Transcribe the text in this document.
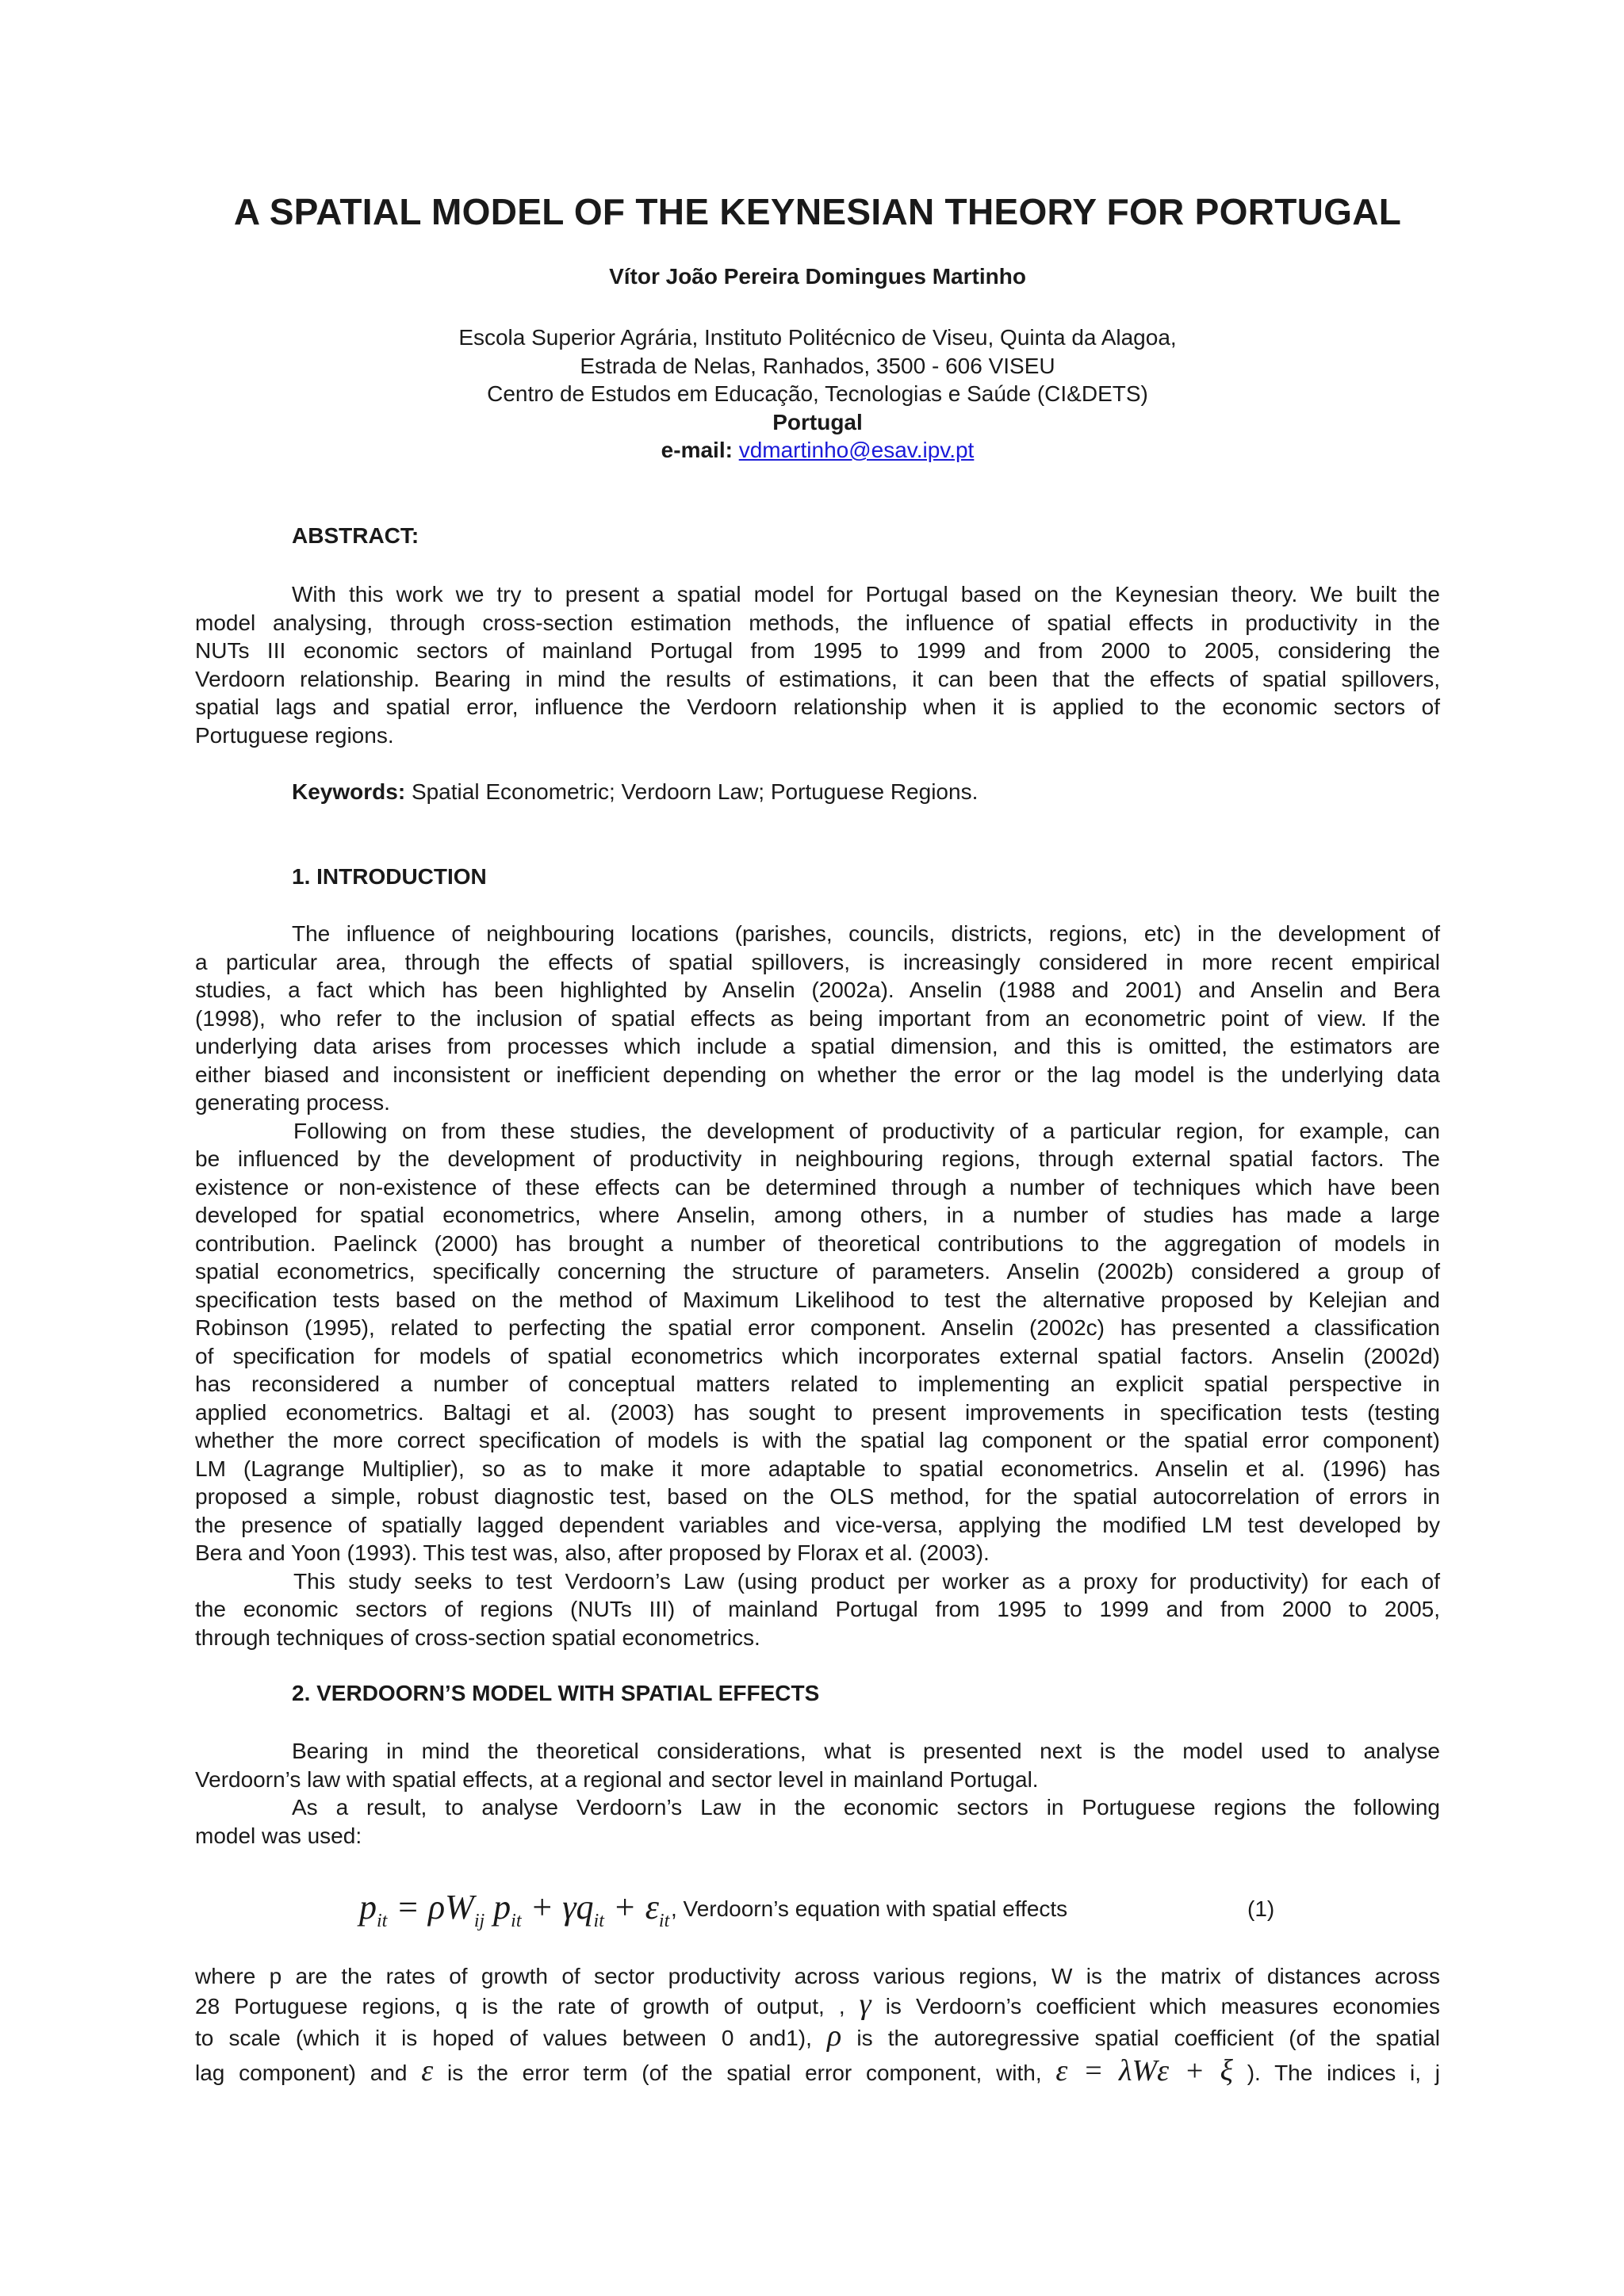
A SPATIAL MODEL OF THE KEYNESIAN THEORY FOR PORTUGAL
Vítor João Pereira Domingues Martinho
Escola Superior Agrária, Instituto Politécnico de Viseu, Quinta da Alagoa,
Estrada de Nelas, Ranhados, 3500 - 606 VISEU
Centro de Estudos em Educação, Tecnologias e Saúde (CI&DETS)
Portugal
e-mail: vdmartinho@esav.ipv.pt
ABSTRACT:
With this work we try to present a spatial model for Portugal based on the Keynesian theory. We built the
model analysing, through cross-section estimation methods, the influence of spatial effects in productivity in the
NUTs III economic sectors of mainland Portugal from 1995 to 1999 and from 2000 to 2005, considering the
Verdoorn relationship. Bearing in mind the results of estimations, it can been that the effects of spatial spillovers,
spatial lags and spatial error, influence the Verdoorn relationship when it is applied to the economic sectors of
Portuguese regions.
Keywords: Spatial Econometric; Verdoorn Law; Portuguese Regions.
1. INTRODUCTION
The influence of neighbouring locations (parishes, councils, districts, regions, etc) in the development of
a particular area, through the effects of spatial spillovers, is increasingly considered in more recent empirical
studies, a fact which has been highlighted by Anselin (2002a). Anselin (1988 and 2001) and Anselin and Bera
(1998), who refer to the inclusion of spatial effects as being important from an econometric point of view. If the
underlying data arises from processes which include a spatial dimension, and this is omitted, the estimators are
either biased and inconsistent or inefficient depending on whether the error or the lag model is the underlying data
generating process.
Following on from these studies, the development of productivity of a particular region, for example, can
be influenced by the development of productivity in neighbouring regions, through external spatial factors. The
existence or non-existence of these effects can be determined through a number of techniques which have been
developed for spatial econometrics, where Anselin, among others, in a number of studies has made a large
contribution. Paelinck (2000) has brought a number of theoretical contributions to the aggregation of models in
spatial econometrics, specifically concerning the structure of parameters. Anselin (2002b) considered a group of
specification tests based on the method of Maximum Likelihood to test the alternative proposed by Kelejian and
Robinson (1995), related to perfecting the spatial error component. Anselin (2002c) has presented a classification
of specification for models of spatial econometrics which incorporates external spatial factors. Anselin (2002d)
has reconsidered a number of conceptual matters related to implementing an explicit spatial perspective in
applied econometrics. Baltagi et al. (2003) has sought to present improvements in specification tests (testing
whether the more correct specification of models is with the spatial lag component or the spatial error component)
LM (Lagrange Multiplier), so as to make it more adaptable to spatial econometrics. Anselin et al. (1996) has
proposed a simple, robust diagnostic test, based on the OLS method, for the spatial autocorrelation of errors in
the presence of spatially lagged dependent variables and vice-versa, applying the modified LM test developed by
Bera and Yoon (1993). This test was, also, after proposed by Florax et al. (2003).
This study seeks to test Verdoorn’s Law (using product per worker as a proxy for productivity) for each of
the economic sectors of regions (NUTs III) of mainland Portugal from 1995 to 1999 and from 2000 to 2005,
through techniques of cross-section spatial econometrics.
2. VERDOORN’S MODEL WITH SPATIAL EFFECTS
Bearing in mind the theoretical considerations, what is presented next is the model used to analyse
Verdoorn’s law with spatial effects, at a regional and sector level in mainland Portugal.
As a result, to analyse Verdoorn’s Law in the economic sectors in Portuguese regions the following
model was used:
$p_{it} = \rho W_{ij}$ $p_{it} + \gamma q_{it} + \varepsilon_{it}$ , Verdoorn’s equation with spatial effects	(1)
where p are the rates of growth of sector productivity across various regions, W is the matrix of distances across
28 Portuguese regions, q is the rate of growth of output, , γ is Verdoorn’s coefficient which measures economies
to scale (which it is hoped of values between 0 and1), ρ is the autoregressive spatial coefficient (of the spatial
lag component) and ε is the error term (of the spatial error component, with, ε = λWε + ξ ). The indices i, j
